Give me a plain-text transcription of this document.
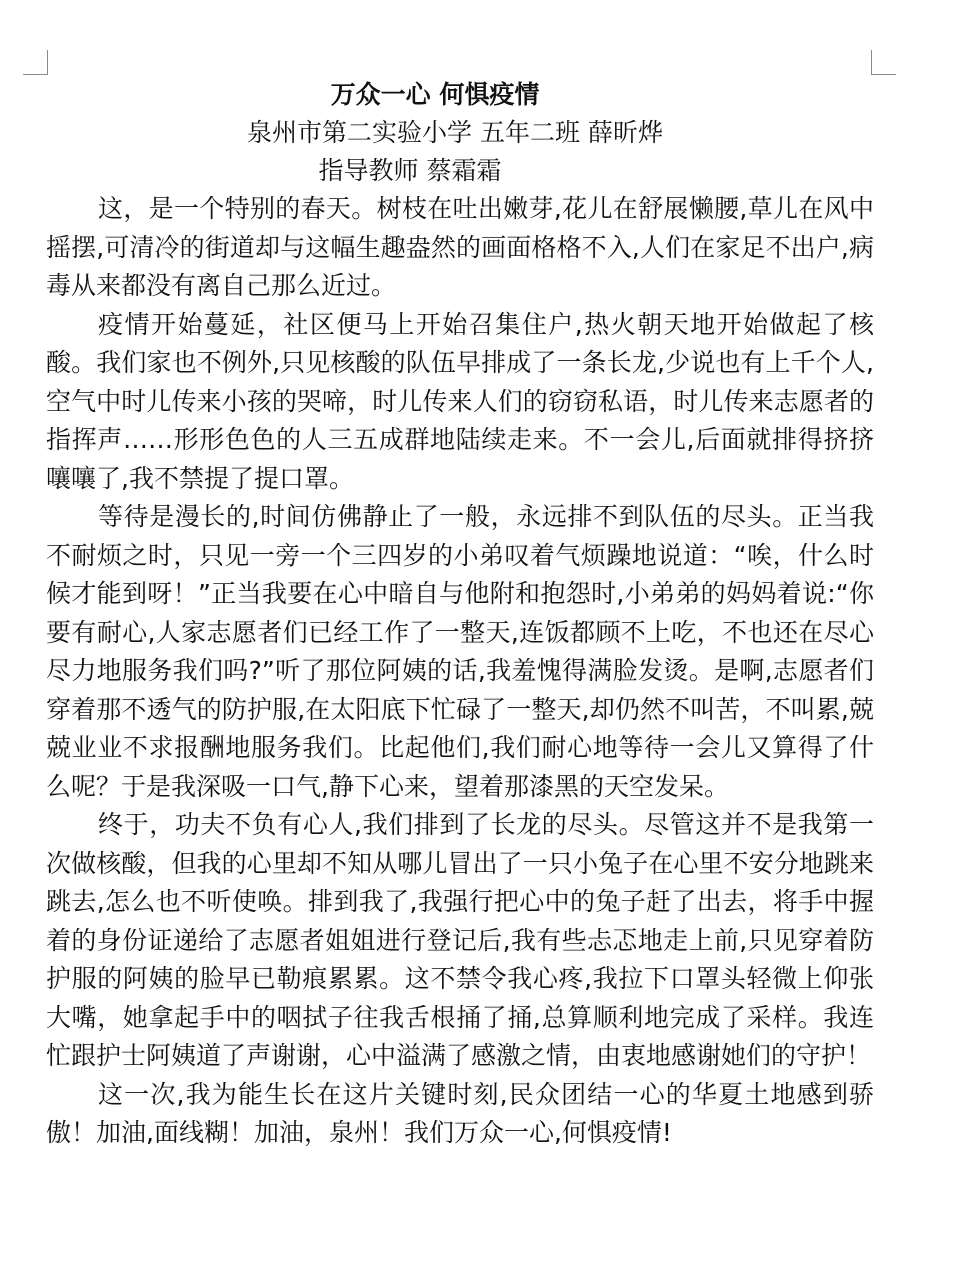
万众一心 何惧疫情
泉州市第二实验小学 五年二班 薛昕烨
指导教师 蔡霜霜

这，是一个特别的春天。树枝在吐出嫩芽,花儿在舒展懒腰,草儿在风中摇摆,可清冷的街道却与这幅生趣盎然的画面格格不入,人们在家足不出户,病毒从来都没有离自己那么近过。

疫情开始蔓延，社区便马上开始召集住户,热火朝天地开始做起了核酸。我们家也不例外,只见核酸的队伍早排成了一条长龙,少说也有上千个人,空气中时儿传来小孩的哭啼，时儿传来人们的窃窃私语，时儿传来志愿者的指挥声……形形色色的人三五成群地陆续走来。不一会儿,后面就排得挤挤嚷嚷了,我不禁提了提口罩。

等待是漫长的,时间仿佛静止了一般，永远排不到队伍的尽头。正当我不耐烦之时，只见一旁一个三四岁的小弟叹着气烦躁地说道：“唉，什么时候才能到呀！”正当我要在心中暗自与他附和抱怨时,小弟弟的妈妈着说:“你要有耐心,人家志愿者们已经工作了一整天,连饭都顾不上吃，不也还在尽心尽力地服务我们吗?”听了那位阿姨的话,我羞愧得满脸发烫。是啊,志愿者们穿着那不透气的防护服,在太阳底下忙碌了一整天,却仍然不叫苦，不叫累,兢兢业业不求报酬地服务我们。比起他们,我们耐心地等待一会儿又算得了什么呢？于是我深吸一口气,静下心来，望着那漆黑的天空发呆。

终于，功夫不负有心人,我们排到了长龙的尽头。尽管这并不是我第一次做核酸，但我的心里却不知从哪儿冒出了一只小兔子在心里不安分地跳来跳去,怎么也不听使唤。排到我了,我强行把心中的兔子赶了出去，将手中握着的身份证递给了志愿者姐姐进行登记后,我有些忐忑地走上前,只见穿着防护服的阿姨的脸早已勒痕累累。这不禁令我心疼,我拉下口罩头轻微上仰张大嘴，她拿起手中的咽拭子往我舌根捅了捅,总算顺利地完成了采样。我连忙跟护士阿姨道了声谢谢，心中溢满了感激之情，由衷地感谢她们的守护！

这一次,我为能生长在这片关键时刻,民众团结一心的华夏土地感到骄傲！加油,面线糊！加油，泉州！我们万众一心,何惧疫情!
